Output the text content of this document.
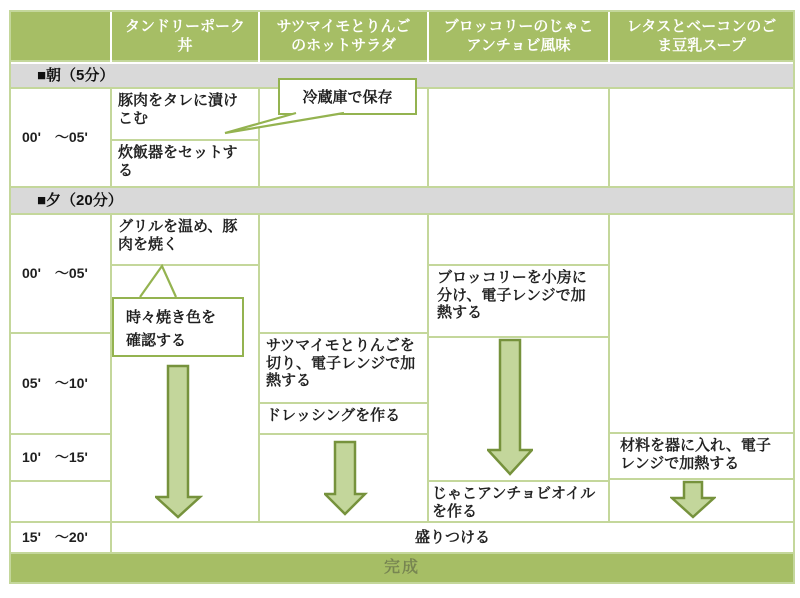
タンドリーポーク丼
サツマイモとりんごのホットサラダ
ブロッコリーのじゃこアンチョビ風味
レタスとベーコンのごま豆乳スープ
■朝（5分）
00'　～05'
豚肉をタレに漬けこむ
炊飯器をセットする
■夕（20分）
00'　～05'
05'　～10'
10'　～15'
15'　～20'
グリルを温め、豚肉を焼く
サツマイモとりんごを切り、電子レンジで加熱する
ドレッシングを作る
ブロッコリーを小房に分け、電子レンジで加熱する
じゃこアンチョビオイルを作る
材料を器に入れ、電子レンジで加熱する
盛りつける
完成
冷蔵庫で保存
時々焼き色を確認する
